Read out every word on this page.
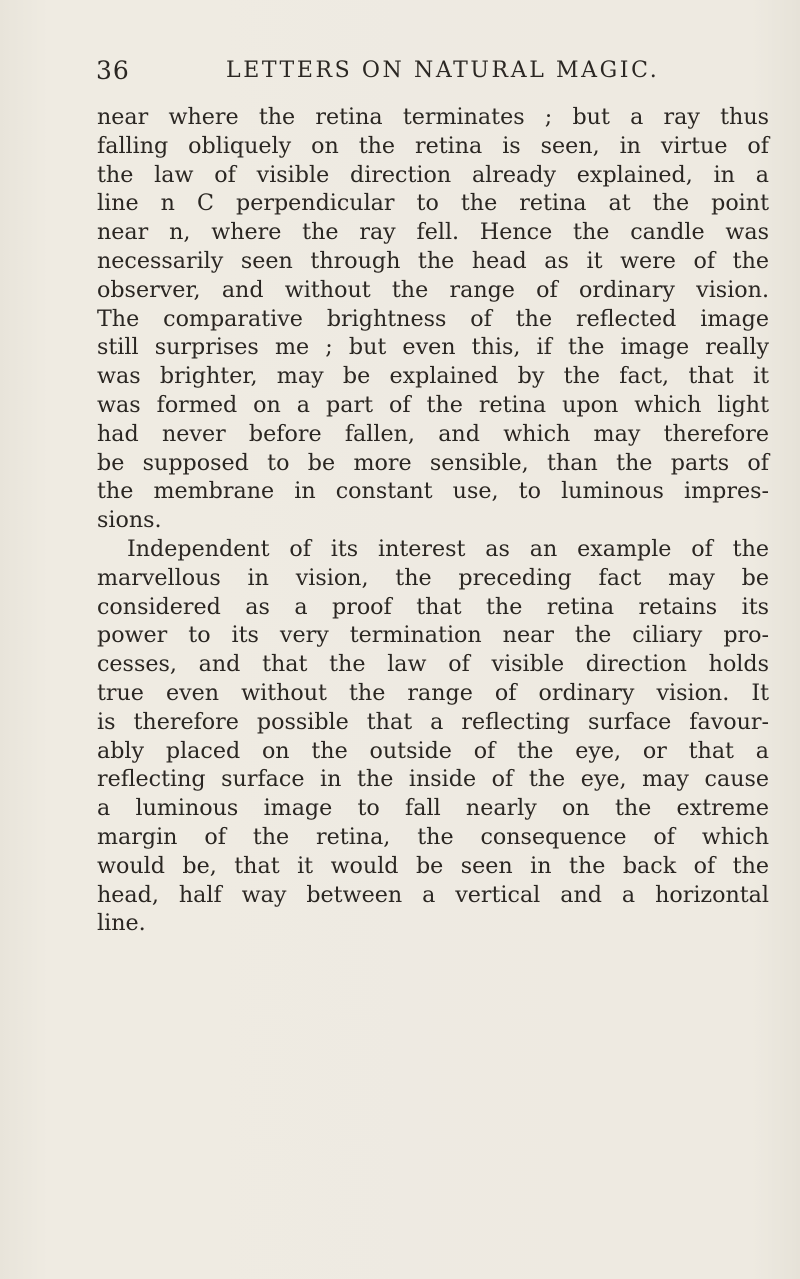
36	LETTERS ON NATURAL MAGIC.
near where the retina terminates ; but a ray thus
falling obliquely on the retina is seen, in virtue of
the law of visible direction already explained, in a
line n C perpendicular to the retina at the point
near n, where the ray fell. Hence the candle was
necessarily seen through the head as it were of the
observer, and without the range of ordinary vision.
The comparative brightness of the reflected image
still surprises me ; but even this, if the image really
was brighter, may be explained by the fact, that it
was formed on a part of the retina upon which light
had never before fallen, and which may therefore
be supposed to be more sensible, than the parts of
the membrane in constant use, to luminous impres-
sions.
Independent of its interest as an example of the
marvellous in vision, the preceding fact may be
considered as a proof that the retina retains its
power to its very termination near the ciliary pro-
cesses, and that the law of visible direction holds
true even without the range of ordinary vision. It
is therefore possible that a reflecting surface favour-
ably placed on the outside of the eye, or that a
reflecting surface in the inside of the eye, may cause
a luminous image to fall nearly on the extreme
margin of the retina, the consequence of which
would be, that it would be seen in the back of the
head, half way between a vertical and a horizontal
line.
